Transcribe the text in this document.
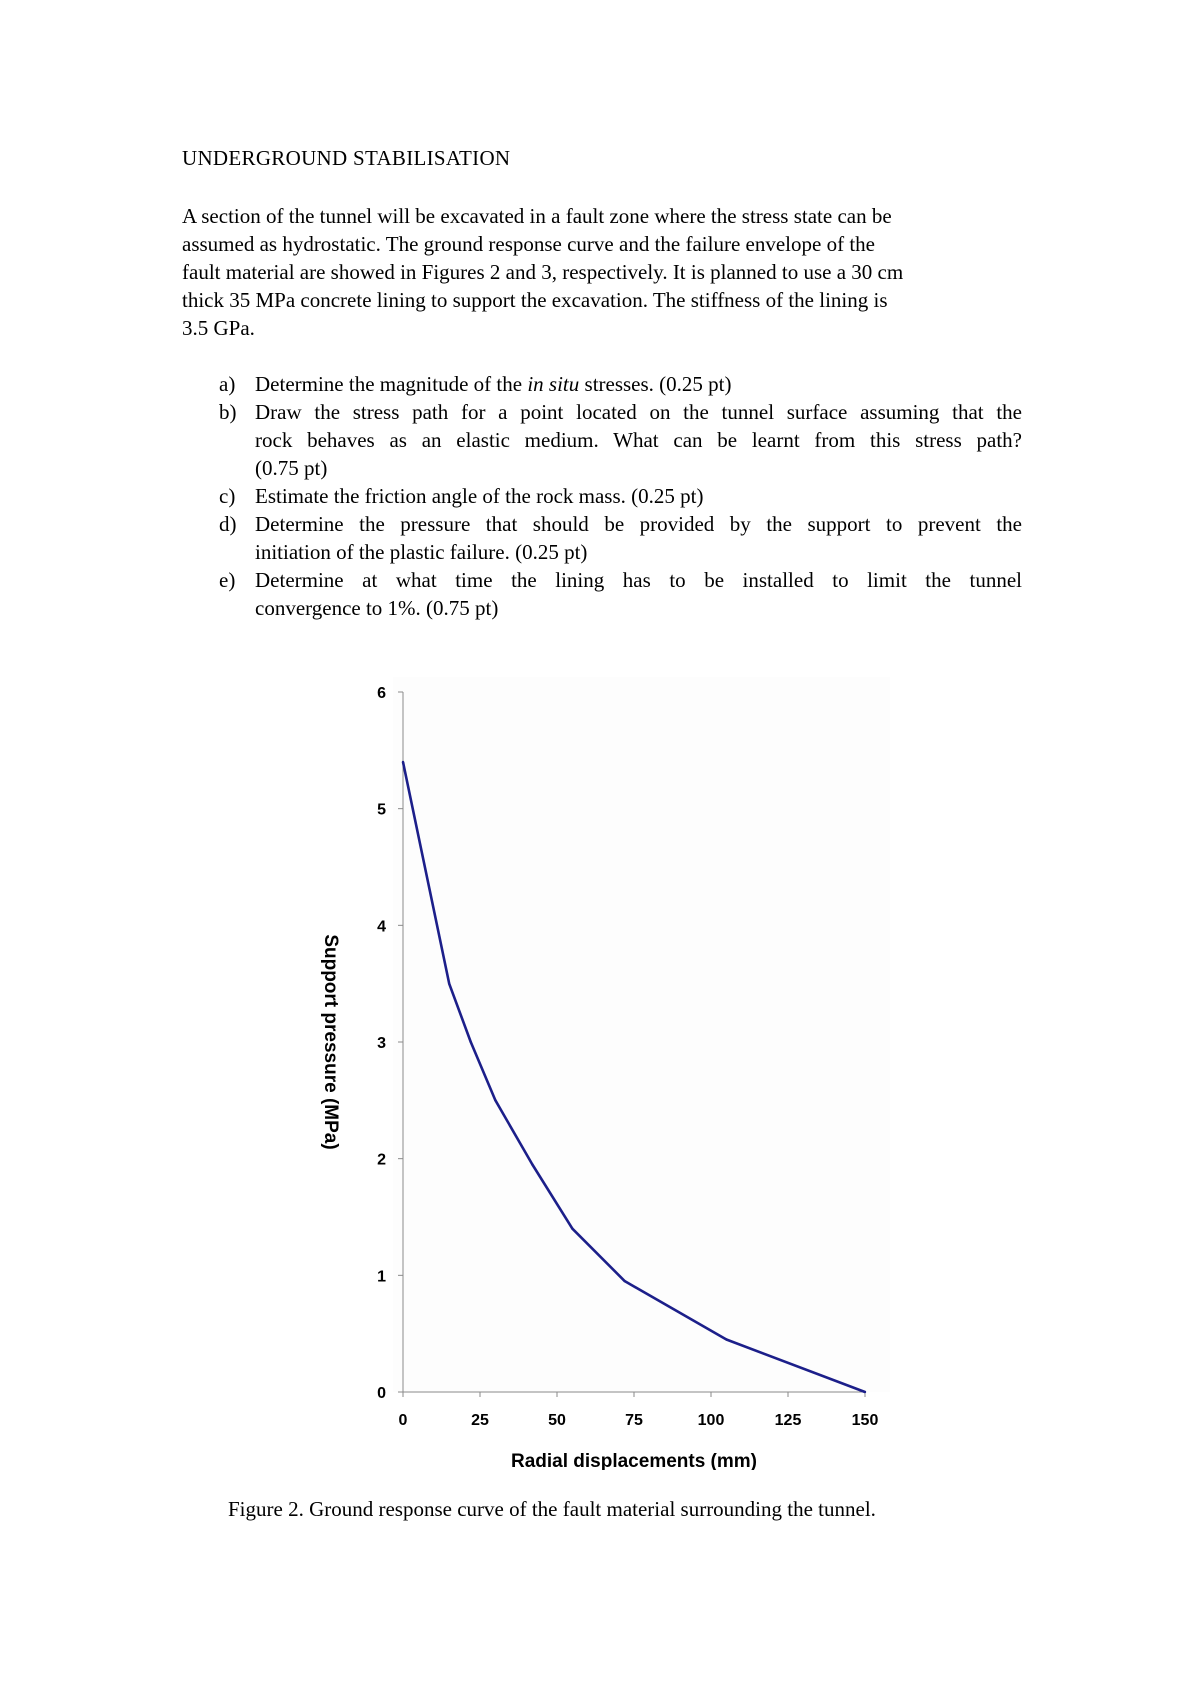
UNDERGROUND STABILISATION
A section of the tunnel will be excavated in a fault zone where the stress state can be
assumed as hydrostatic. The ground response curve and the failure envelope of the
fault material are showed in Figures 2 and 3, respectively. It is planned to use a 30 cm
thick 35 MPa concrete lining to support the excavation. The stiffness of the lining is
3.5 GPa.
a) Determine the magnitude of the in situ stresses. (0.25 pt)
b) Draw the stress path for a point located on the tunnel surface assuming that the
rock behaves as an elastic medium. What can be learnt from this stress path?
(0.75 pt)
c) Estimate the friction angle of the rock mass. (0.25 pt)
d) Determine the pressure that should be provided by the support to prevent the
initiation of the plastic failure. (0.25 pt)
e) Determine at what time the lining has to be installed to limit the tunnel
convergence to 1%. (0.75 pt)
0
1
2
3
4
5
6
0	25	50	75	100	125	150
Radial displacements (mm)
Support pressure (MPa)
Figure 2. Ground response curve of the fault material surrounding the tunnel.
